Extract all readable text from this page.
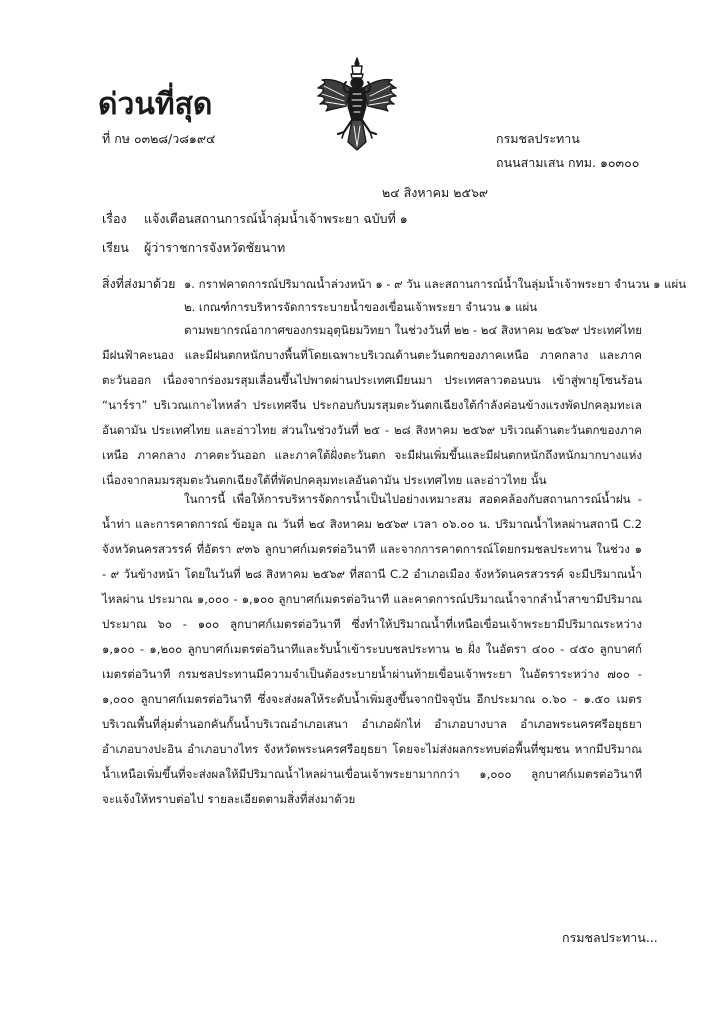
ด่วนที่สุด
ที่ กษ ๐๓๒๘/ว๘๑๙๔	กรมชลประทาน
ถนนสามเสน กทม. ๑๐๓๐๐
๒๔ สิงหาคม ๒๕๖๙
เรื่อง แจ้งเตือนสถานการณ์น้ำลุ่มน้ำเจ้าพระยา ฉบับที่ ๑
เรียน ผู้ว่าราชการจังหวัดชัยนาท
สิ่งที่ส่งมาด้วย ๑. กราฟคาดการณ์ปริมาณน้ำล่วงหน้า ๑ - ๙ วัน และสถานการณ์น้ำในลุ่มน้ำเจ้าพระยา จำนวน ๑ แผ่น
๒. เกณฑ์การบริหารจัดการระบายน้ำของเขื่อนเจ้าพระยา จำนวน ๑ แผ่น

ตามพยากรณ์อากาศของกรมอุตุนิยมวิทยา ในช่วงวันที่ ๒๒ - ๒๔ สิงหาคม ๒๕๖๙ ประเทศไทยมีฝนฟ้าคะนอง และมีฝนตกหนักบางพื้นที่โดยเฉพาะบริเวณด้านตะวันตกของภาคเหนือ ภาคกลาง และภาคตะวันออก เนื่องจากร่องมรสุมเลื่อนขึ้นไปพาดผ่านประเทศเมียนมา ประเทศลาวตอนบน เข้าสู่พายุโซนร้อน “นาร์รา” บริเวณเกาะไหหลำ ประเทศจีน ประกอบกับมรสุมตะวันตกเฉียงใต้กำลังค่อนข้างแรงพัดปกคลุมทะเลอันดามัน ประเทศไทย และอ่าวไทย ส่วนในช่วงวันที่ ๒๕ - ๒๘ สิงหาคม ๒๕๖๙ บริเวณด้านตะวันตกของภาคเหนือ ภาคกลาง ภาคตะวันออก และภาคใต้ฝั่งตะวันตก จะมีฝนเพิ่มขึ้นและมีฝนตกหนักถึงหนักมากบางแห่ง เนื่องจากลมมรสุมตะวันตกเฉียงใต้ที่พัดปกคลุมทะเลอันดามัน ประเทศไทย และอ่าวไทย นั้น

ในการนี้ เพื่อให้การบริหารจัดการน้ำเป็นไปอย่างเหมาะสม สอดคล้องกับสถานการณ์น้ำฝน - น้ำท่า และการคาดการณ์ ข้อมูล ณ วันที่ ๒๔ สิงหาคม ๒๕๖๙ เวลา ๐๖.๐๐ น. ปริมาณน้ำไหลผ่านสถานี C.2 จังหวัดนครสวรรค์ ที่อัตรา ๙๓๖ ลูกบาศก์เมตรต่อวินาที และจากการคาดการณ์โดยกรมชลประทาน ในช่วง ๑ - ๙ วันข้างหน้า โดยในวันที่ ๒๘ สิงหาคม ๒๕๖๙ ที่สถานี C.2 อำเภอเมือง จังหวัดนครสวรรค์ จะมีปริมาณน้ำไหลผ่าน ประมาณ ๑,๐๐๐ - ๑,๑๐๐ ลูกบาศก์เมตรต่อวินาที และคาดการณ์ปริมาณน้ำจากลำน้ำสาขามีปริมาณประมาณ ๖๐ - ๑๐๐ ลูกบาศก์เมตรต่อวินาที ซึ่งทำให้ปริมาณน้ำที่เหนือเขื่อนเจ้าพระยามีปริมาณระหว่าง ๑,๑๐๐ - ๑,๒๐๐ ลูกบาศก์เมตรต่อวินาทีและรับน้ำเข้าระบบชลประทาน ๒ ฝั่ง ในอัตรา ๔๐๐ - ๔๕๐ ลูกบาศก์เมตรต่อวินาที กรมชลประทานมีความจำเป็นต้องระบายน้ำผ่านท้ายเขื่อนเจ้าพระยา ในอัตราระหว่าง ๗๐๐ - ๑,๐๐๐ ลูกบาศก์เมตรต่อวินาที ซึ่งจะส่งผลให้ระดับน้ำเพิ่มสูงขึ้นจากปัจจุบัน อีกประมาณ ๐.๖๐ - ๑.๕๐ เมตร บริเวณพื้นที่ลุ่มต่ำนอกคันกั้นน้ำบริเวณอำเภอเสนา อำเภอผักไห่ อำเภอบางบาล อำเภอพระนครศรีอยุธยา อำเภอบางปะอิน อำเภอบางไทร จังหวัดพระนครศรีอยุธยา โดยจะไม่ส่งผลกระทบต่อพื้นที่ชุมชน หากมีปริมาณน้ำเหนือเพิ่มขึ้นที่จะส่งผลให้มีปริมาณน้ำไหลผ่านเขื่อนเจ้าพระยามากกว่า ๑,๐๐๐ ลูกบาศก์เมตรต่อวินาที จะแจ้งให้ทราบต่อไป รายละเอียดตามสิ่งที่ส่งมาด้วย

กรมชลประทาน...
